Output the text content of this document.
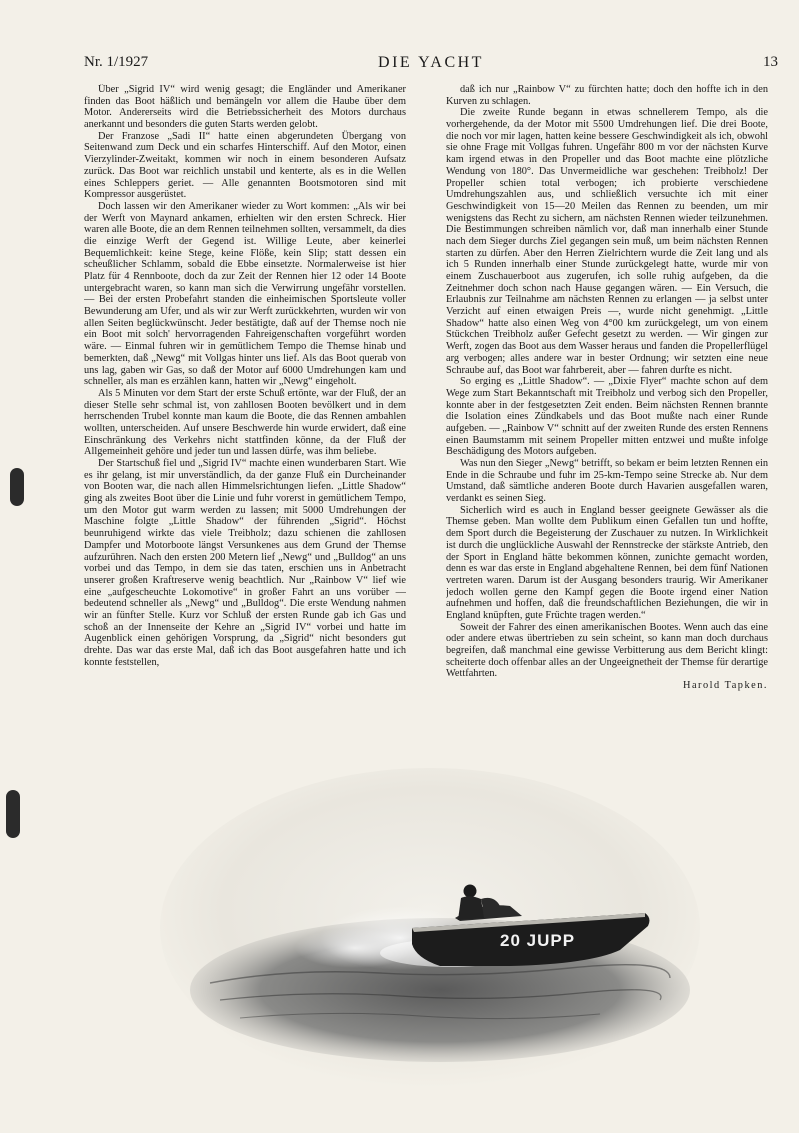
Nr. 1/1927	DIE YACHT	13

Über „Sigrid IV“ wird wenig gesagt; die Engländer und Amerikaner finden das Boot häßlich und bemängeln vor allem die Haube über dem Motor. Andererseits wird die Betriebssicherheit des Motors durchaus anerkannt und besonders die guten Starts werden gelobt.

Der Franzose „Sadi II“ hatte einen abgerundeten Übergang von Seitenwand zum Deck und ein scharfes Hinterschiff. Auf den Motor, einen Vierzylinder-Zweitakt, kommen wir noch in einem besonderen Aufsatz zurück. Das Boot war reichlich unstabil und kenterte, als es in die Wellen eines Schleppers geriet. — Alle genannten Bootsmotoren sind mit Kompressor ausgerüstet.

Doch lassen wir den Amerikaner wieder zu Wort kommen: „Als wir bei der Werft von Maynard ankamen, erhielten wir den ersten Schreck. Hier waren alle Boote, die an dem Rennen teilnehmen sollten, versammelt, da dies die einzige Werft der Gegend ist. Willige Leute, aber keinerlei Bequemlichkeit: keine Stege, keine Flöße, kein Slip; statt dessen ein scheußlicher Schlamm, sobald die Ebbe einsetzte. Normalerweise ist hier Platz für 4 Rennboote, doch da zur Zeit der Rennen hier 12 oder 14 Boote untergebracht waren, so kann man sich die Verwirrung ungefähr vorstellen. — Bei der ersten Probefahrt standen die einheimischen Sportsleute voller Bewunderung am Ufer, und als wir zur Werft zurückkehrten, wurden wir von allen Seiten beglückwünscht. Jeder bestätigte, daß auf der Themse noch nie ein Boot mit solch' hervorragenden Fahreigenschaften vorgeführt worden wäre. — Einmal fuhren wir in gemütlichem Tempo die Themse hinab und bemerkten, daß „Newg“ mit Vollgas hinter uns lief. Als das Boot querab von uns lag, gaben wir Gas, so daß der Motor auf 6000 Umdrehungen kam und schneller, als man es erzählen kann, hatten wir „Newg“ eingeholt.

Als 5 Minuten vor dem Start der erste Schuß ertönte, war der Fluß, der an dieser Stelle sehr schmal ist, von zahllosen Booten bevölkert und in dem herrschenden Trubel konnte man kaum die Boote, die das Rennen ambahlen wollten, unterscheiden. Auf unsere Beschwerde hin wurde erwidert, daß eine Einschränkung des Verkehrs nicht stattfinden könne, da der Fluß der Allgemeinheit gehöre und jeder tun und lassen dürfe, was ihm beliebe.

Der Startschuß fiel und „Sigrid IV“ machte einen wunderbaren Start. Wie es ihr gelang, ist mir unverständlich, da der ganze Fluß ein Durcheinander von Booten war, die nach allen Himmelsrichtungen liefen. „Little Shadow“ ging als zweites Boot über die Linie und fuhr vorerst in gemütlichem Tempo, um den Motor gut warm werden zu lassen; mit 5000 Umdrehungen der Maschine folgte „Little Shadow“ der führenden „Sigrid“. Höchst beunruhigend wirkte das viele Treibholz; dazu schienen die zahllosen Dampfer und Motorboote längst Versunkenes aus dem Grund der Themse aufzurühren. Nach den ersten 200 Metern lief „Newg“ und „Bulldog“ an uns vorbei und das Tempo, in dem sie das taten, erschien uns in Anbetracht unserer großen Kraftreserve wenig beachtlich. Nur „Rainbow V“ lief wie eine „aufgescheuchte Lokomotive“ in großer Fahrt an uns vorüber — bedeutend schneller als „Newg“ und „Bulldog“. Die erste Wendung nahmen wir an fünfter Stelle. Kurz vor Schluß der ersten Runde gab ich Gas und schoß an der Innenseite der Kehre an „Sigrid IV“ vorbei und hatte im Augenblick einen gehörigen Vorsprung, da „Sigrid“ nicht besonders gut drehte. Das war das erste Mal, daß ich das Boot ausgefahren hatte und ich konnte feststellen,

daß ich nur „Rainbow V“ zu fürchten hatte; doch den hoffte ich in den Kurven zu schlagen.

Die zweite Runde begann in etwas schnellerem Tempo, als die vorhergehende, da der Motor mit 5500 Umdrehungen lief. Die drei Boote, die noch vor mir lagen, hatten keine bessere Geschwindigkeit als ich, obwohl sie ohne Frage mit Vollgas fuhren. Ungefähr 800 m vor der nächsten Kurve kam irgend etwas in den Propeller und das Boot machte eine plötzliche Wendung von 180°. Das Unvermeidliche war geschehen: Treibholz! Der Propeller schien total verbogen; ich probierte verschiedene Umdrehungszahlen aus, und schließlich versuchte ich mit einer Geschwindigkeit von 15—20 Meilen das Rennen zu beenden, um mir wenigstens das Recht zu sichern, am nächsten Rennen wieder teilzunehmen. Die Bestimmungen schreiben nämlich vor, daß man innerhalb einer Stunde nach dem Sieger durchs Ziel gegangen sein muß, um beim nächsten Rennen starten zu dürfen. Aber den Herren Zielrichtern wurde die Zeit lang und als ich 5 Runden innerhalb einer Stunde zurückgelegt hatte, wurde mir von einem Zuschauerboot aus zugerufen, ich solle ruhig aufgeben, da die Zeitnehmer doch schon nach Hause gegangen wären. — Ein Versuch, die Erlaubnis zur Teilnahme am nächsten Rennen zu erlangen — ja selbst unter Verzicht auf einen etwaigen Preis —, wurde nicht genehmigt. „Little Shadow“ hatte also einen Weg von 4°00 km zurückgelegt, um von einem Stückchen Treibholz außer Gefecht gesetzt zu werden. — Wir gingen zur Werft, zogen das Boot aus dem Wasser heraus und fanden die Propellerflügel arg verbogen; alles andere war in bester Ordnung; wir setzten eine neue Schraube auf, das Boot war fahrbereit, aber — fahren durfte es nicht.

So erging es „Little Shadow“. — „Dixie Flyer“ machte schon auf dem Wege zum Start Bekanntschaft mit Treibholz und verbog sich den Propeller, konnte aber in der festgesetzten Zeit enden. Beim nächsten Rennen brannte die Isolation eines Zündkabels und das Boot mußte nach einer Runde aufgeben. — „Rainbow V“ schnitt auf der zweiten Runde des ersten Rennens einen Baumstamm mit seinem Propeller mitten entzwei und mußte infolge Beschädigung des Motors aufgeben.

Was nun den Sieger „Newg“ betrifft, so bekam er beim letzten Rennen ein Ende in die Schraube und fuhr im 25-km-Tempo seine Strecke ab. Nur dem Umstand, daß sämtliche anderen Boote durch Havarien ausgefallen waren, verdankt es seinen Sieg.

Sicherlich wird es auch in England besser geeignete Gewässer als die Themse geben. Man wollte dem Publikum einen Gefallen tun und hoffte, dem Sport durch die Begeisterung der Zuschauer zu nutzen. In Wirklichkeit ist durch die unglückliche Auswahl der Rennstrecke der stärkste Antrieb, den der Sport in England hätte bekommen können, zunichte gemacht worden, denn es war das erste in England abgehaltene Rennen, bei dem fünf Nationen vertreten waren. Darum ist der Ausgang besonders traurig. Wir Amerikaner jedoch wollen gerne den Kampf gegen die Boote irgend einer Nation aufnehmen und hoffen, daß die freundschaftlichen Beziehungen, die wir in England knüpften, gute Früchte tragen werden.“

Soweit der Fahrer des einen amerikanischen Bootes. Wenn auch das eine oder andere etwas übertrieben zu sein scheint, so kann man doch durchaus begreifen, daß manchmal eine gewisse Verbitterung aus dem Bericht klingt: scheiterte doch offenbar alles an der Ungeeignetheit der Themse für derartige Wettfahrten.

Harold Tapken.
20 JUPP
